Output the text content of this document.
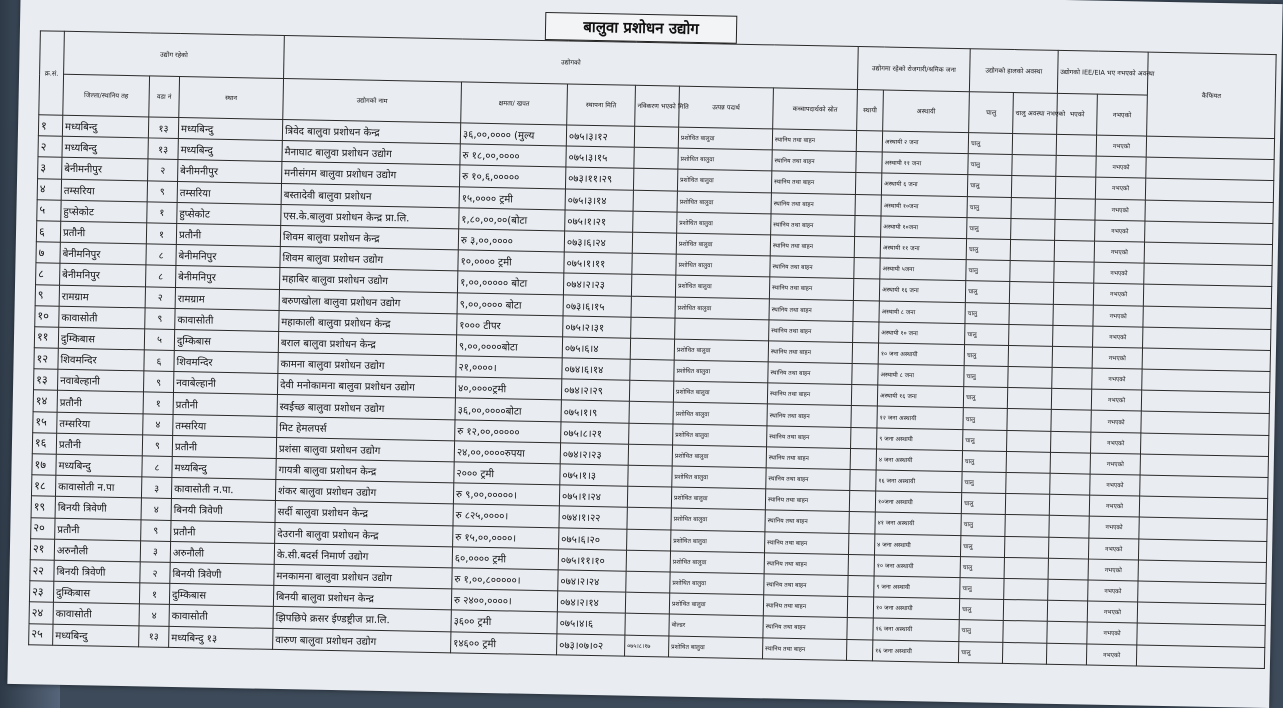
बालुवा प्रशोधन उद्योग
क्र.सं.	उद्योग रहेको			उद्योगको						उद्योगमा रहेको रोजगारी/श्रमिक जना		उद्योगको हालको अवस्था		उद्योगको IEE/EIA भए नभएको अवस्था		कैफियत
	जिल्ला/स्थानिय तह	वडा नं	स्थान	उद्योगको नाम	क्षमता/ खपत	स्थापना मिति	नविकरण भएको मिति	उत्पन्न पदार्थ	कच्चापदार्थको स्रोत	स्थायी	अस्थायी	चालु	चालु अवस्था नभएको	भएको	नभएको	
१	मध्यबिन्दु	१३	मध्यबिन्दु	त्रिवेद बालुवा प्रशोधन केन्द्र	३६,००,०००० (मुल्य	०७५।३।१२		प्रशोधित बालुवा	स्थानिय तथा बाहन		अस्थायी २ जना	चालु			नभएको	
२	मध्यबिन्दु	१३	मध्यबिन्दु	मैनाघाट बालुवा प्रशोधन उद्योग	रु १८,००,००००	०७५।३।१५		प्रशोधित बालुवा	स्थानिय तथा बाहन		अस्थायी ११ जना	चालु			नभएको	
३	बेनीमनीपुर	२	बेनीमनीपुर	मनीसंगम बालुवा प्रशोधन उद्योग	रु १०,६,०००००	०७३।११।२९		प्रशोधित बालुवा	स्थानिय तथा बाहन		अस्थायी ६ जना	चालु			नभएको	
४	तम्सरिया	९	तम्सरिया	बस्तादेवी बालुवा प्रशोधन	१५,०००० ट्रमी	०७५।३।१४		प्रशोधित बालुवा	स्थानिय तथा बाहन		अस्थायी १०जना	चालु			नभएको	
५	हुप्सेकोट	१	हुप्सेकोट	एस.के.बालुवा प्रशोधन केन्द्र प्रा.लि.	१,८०,००,००(बोटा	०७५।१।२१		प्रशोधित बालुवा	स्थानिय तथा बाहन		अस्थायी १०जना	चालु			नभएको	
६	प्रतौनी	१	प्रतौनी	शिवम बालुवा प्रशोधन केन्द्र	रु ३,००,००००	०७३।६।२४		प्रशोधित बालुवा	स्थानिय तथा बाहन		अस्थायी ११ जना	चालु			नभएको	
७	बेनीमनिपुर	८	बेनीमनिपुर	शिवम बालुवा प्रशोधन उद्योग	१०,०००० ट्रमी	०७५।१।११		प्रशोधित बालुवा	स्थानिय तथा बाहन		अस्थायी ५जना	चालु			नभएको	
८	बेनीमनिपुर	८	बेनीमनिपुर	महाबिर बालुवा प्रशोधन उद्योग	१,००,००००० बोटा	०७४।२।२३		प्रशोधित बालुवा	स्थानिय तथा बाहन		अस्थायी १६ जना	चालु			नभएको	
९	रामग्राम	२	रामग्राम	बरुणखोला बालुवा प्रशोधन उद्योग	९,००,०००० बोटा	०७३।६।१५		प्रशोधित बालुवा	स्थानिय तथा बाहन		अस्थायी ८ जना	चालु			नभएको	
१०	कावासोती	९	कावासोती	महाकाली बालुवा प्रशोधन केन्द्र	१००० टीपर	०७५।२।३१			स्थानिय तथा बाहन		अस्थायी १० जना	चालु			नभएको	
११	दुम्किबास	५	दुम्किबास	बराल बालुवा प्रशोधन केन्द्र	९,००,००००बोटा	०७५।६।४		प्रशोधित बालुवा	स्थानिय तथा बाहन		१० जना अस्थायी	चालु			नभएको	
१२	शिवमन्दिर	६	शिवमन्दिर	कामना बालुवा प्रशोधन उद्योग	२१,००००।	०७४।६।१४		प्रशोधित बालुवा	स्थानिय तथा बाहन		अस्थायी ८ जना	चालु			नभएको	
१३	नवाबेल्हानी	९	नवाबेल्हानी	देवी मनोकामना बालुवा प्रशोधन उद्योग	४०,००००ट्रमी	०७४।२।२९		प्रशोधित बालुवा	स्थानिय तथा बाहन		अस्थायी १६ जना	चालु			नभएको	
१४	प्रतौनी	१	प्रतौनी	स्वर्ईच्छ बालुवा प्रशोधन उद्योग	३६,००,००००बोटा	०७५।१।९		प्रशोधित बालुवा	स्थानिय तथा बाहन		१२ जना अस्थायी	चालु			नभएको	
१५	तम्सरिया	४	तम्सरिया	मिट हेमलपर्स	रु १२,००,०००००	०७५।८।२१		प्रशोधित बालुवा	स्थानिय तथा बाहन		९ जना अस्थायी	चालु			नभएको	
१६	प्रतौनी	९	प्रतौनी	प्रशंसा बालुवा प्रशोधन उद्योग	२४,००,००००रुपया	०७४।२।२३		प्रशोधित बालुवा	स्थानिय तथा बाहन		४ जना अस्थायी	चालु			नभएको	
१७	मध्यबिन्दु	८	मध्यबिन्दु	गायत्री बालुवा प्रशोधन केन्द्र	२००० ट्रमी	०७५।१।३		प्रशोधित बालुवा	स्थानिय तथा बाहन		१६ जना अस्थायी	चालु			नभएको	
१८	कावासोती न.पा	३	कावासोती न.पा.	शंकर बालुवा प्रशोधन उद्योग	रु ९,००,०००००।	०७५।१।२४		प्रशोधित बालुवा	स्थानिय तथा बाहन		१०जना अस्थायी	चालु			नभएको	
१९	बिनयी त्रिवेणी	४	बिनयी त्रिवेणी	सर्दी बालुवा प्रशोधन केन्द्र	रु ८२५,००००।	०७४।१।२२		प्रशोधित बालुवा	स्थानिय तथा बाहन		४१ जना अस्थायी	चालु			नभएको	
२०	प्रतौनी	९	प्रतौनी	देउरानी बालुवा प्रशोधन केन्द्र	रु १५,००,००००।	०७५।६।२०		प्रशोधित बालुवा	स्थानिय तथा बाहन		४ जना अस्थायी	चालु			नभएको	
२१	अरुनौली	३	अरुनौली	के.सी.बदर्स निमार्ण उद्योग	६०,०००० ट्रमी	०७५।११।१०		प्रशोधित बालुवा	स्थानिय तथा बाहन		१० जना अस्थायी	चालु			नभएको	
२२	बिनयी त्रिवेणी	२	बिनयी त्रिवेणी	मनकामना बालुवा प्रशोधन उद्योग	रु १,००,८०००००।	०७४।२।२४		प्रशोधित बालुवा	स्थानिय तथा बाहन		९ जना अस्थायी	चालु			नभएको	
२३	दुम्किबास	१	दुम्किबास	बिनयी बालुवा प्रशोधन केन्द्र	रु २४००,००००।	०७४।२।१४		प्रशोधित बालुवा	स्थानिय तथा बाहन		१० जना अस्थायी	चालु			नभएको	
२४	कावासोती	४	कावासोती	झिपछिपे क्रसर ईण्डष्ट्रीज प्रा.लि.	३६०० ट्रमी	०७५।४।६		बोल्डर	स्थानिय तथा बाहन		१६ जना अस्थायी	चालु			नभएको	
२५	मध्यबिन्दु	१३	मध्यबिन्दु १३	वारुण बालुवा प्रशोधन उद्योग	१४६०० ट्रमी	०७३।०७।०२	०७५।८।१७	प्रशोधित बालुवा	स्थानिय तथा बाहन		१६ जना अस्थायी	चालु			नभएको	
